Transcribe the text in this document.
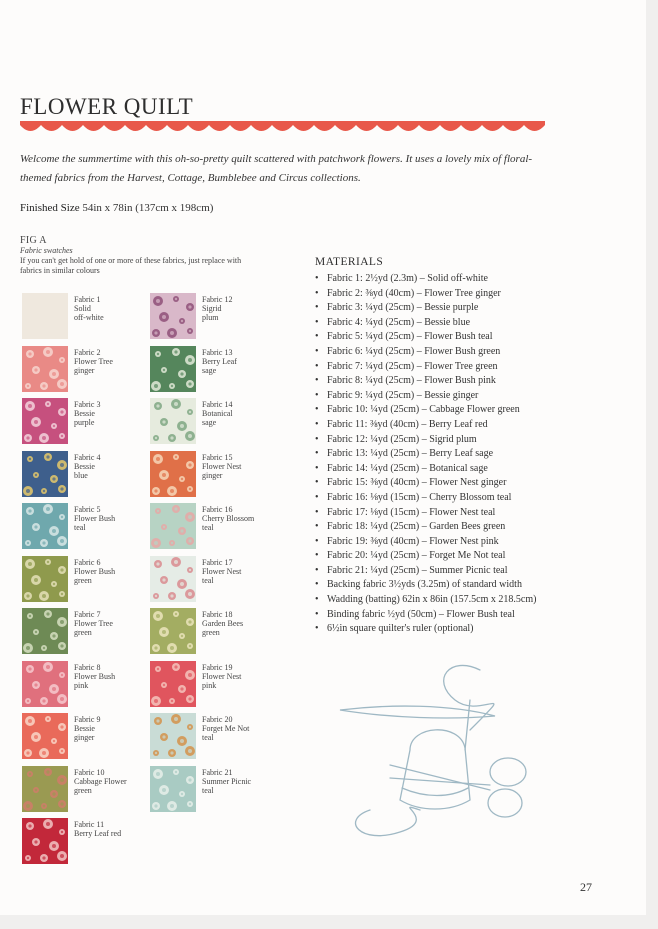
FLOWER QUILT

Welcome the summertime with this oh-so-pretty quilt scattered with patchwork flowers. It uses a lovely mix of floral-themed fabrics from the Harvest, Cottage, Bumblebee and Circus collections.

Finished Size 54in x 78in (137cm x 198cm)
FIG A
Fabric swatches
If you can't get hold of one or more of these fabrics, just replace with fabrics in similar colours
Fabric 1
Solid
off-white
Fabric 2
Flower Tree
ginger
Fabric 3
Bessie
purple
Fabric 4
Bessie
blue
Fabric 5
Flower Bush
teal
Fabric 6
Flower Bush
green
Fabric 7
Flower Tree
green
Fabric 8
Flower Bush
pink
Fabric 9
Bessie
ginger
Fabric 10
Cabbage Flower
green
Fabric 11
Berry Leaf red
Fabric 12
Sigrid
plum
Fabric 13
Berry Leaf
sage
Fabric 14
Botanical
sage
Fabric 15
Flower Nest
ginger
Fabric 16
Cherry Blossom
teal
Fabric 17
Flower Nest
teal
Fabric 18
Garden Bees
green
Fabric 19
Flower Nest
pink
Fabric 20
Forget Me Not
teal
Fabric 21
Summer Picnic
teal
MATERIALS
• Fabric 1: 2½yd (2.3m) – Solid off-white
• Fabric 2: ⅜yd (40cm) – Flower Tree ginger
• Fabric 3: ¼yd (25cm) – Bessie purple
• Fabric 4: ¼yd (25cm) – Bessie blue
• Fabric 5: ¼yd (25cm) – Flower Bush teal
• Fabric 6: ¼yd (25cm) – Flower Bush green
• Fabric 7: ¼yd (25cm) – Flower Tree green
• Fabric 8: ¼yd (25cm) – Flower Bush pink
• Fabric 9: ¼yd (25cm) – Bessie ginger
• Fabric 10: ¼yd (25cm) – Cabbage Flower green
• Fabric 11: ⅜yd (40cm) – Berry Leaf red
• Fabric 12: ¼yd (25cm) – Sigrid plum
• Fabric 13: ¼yd (25cm) – Berry Leaf sage
• Fabric 14: ¼yd (25cm) – Botanical sage
• Fabric 15: ⅜yd (40cm) – Flower Nest ginger
• Fabric 16: ⅛yd (15cm) – Cherry Blossom teal
• Fabric 17: ⅛yd (15cm) – Flower Nest teal
• Fabric 18: ¼yd (25cm) – Garden Bees green
• Fabric 19: ⅜yd (40cm) – Flower Nest pink
• Fabric 20: ¼yd (25cm) – Forget Me Not teal
• Fabric 21: ¼yd (25cm) – Summer Picnic teal
• Backing fabric 3½yds (3.25m) of standard width
• Wadding (batting) 62in x 86in (157.5cm x 218.5cm)
• Binding fabric ½yd (50cm) – Flower Bush teal
• 6½in square quilter's ruler (optional)
27
